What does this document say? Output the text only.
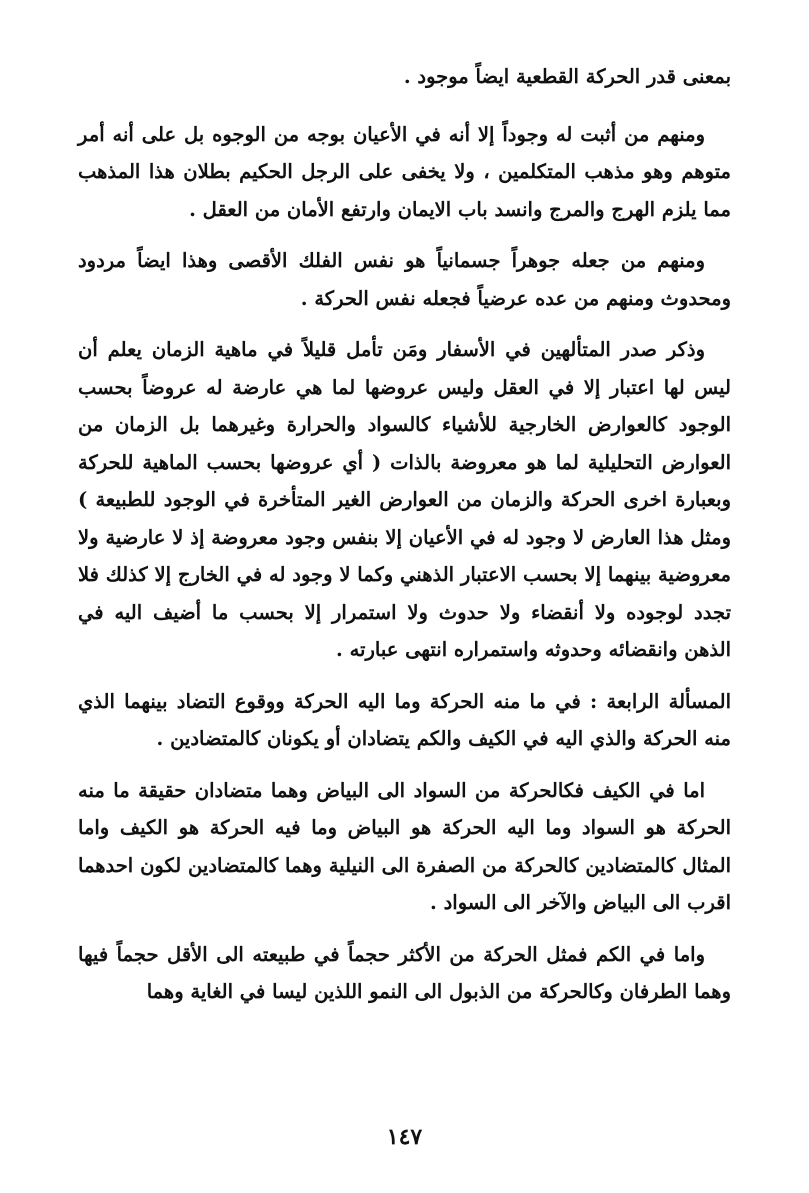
بمعنى قدر الحركة القطعية ايضاً موجود .

ومنهم من أثبت له وجوداً إلا أنه في الأعيان بوجه من الوجوه بل على أنه أمر متوهم وهو مذهب المتكلمين ، ولا يخفى على الرجل الحكيم بطلان هذا المذهب مما يلزم الهرج والمرج وانسد باب الايمان وارتفع الأمان من العقل .

ومنهم من جعله جوهراً جسمانياً هو نفس الفلك الأقصى وهذا ايضاً مردود ومحدوث ومنهم من عده عرضياً فجعله نفس الحركة .

وذكر صدر المتألهين في الأسفار ومَن تأمل قليلاً في ماهية الزمان يعلم أن ليس لها اعتبار إلا في العقل وليس عروضها لما هي عارضة له عروضاً بحسب الوجود كالعوارض الخارجية للأشياء كالسواد والحرارة وغيرهما بل الزمان من العوارض التحليلية لما هو معروضة بالذات ( أي عروضها بحسب الماهية للحركة وبعبارة اخرى الحركة والزمان من العوارض الغير المتأخرة في الوجود للطبيعة ) ومثل هذا العارض لا وجود له في الأعيان إلا بنفس وجود معروضة إذ لا عارضية ولا معروضية بينهما إلا بحسب الاعتبار الذهني وكما لا وجود له في الخارج إلا كذلك فلا تجدد لوجوده ولا أنقضاء ولا حدوث ولا استمرار إلا بحسب ما أضيف اليه في الذهن وانقضائه وحدوثه واستمراره انتهى عبارته .

المسألة الرابعة : في ما منه الحركة وما اليه الحركة ووقوع التضاد بينهما الذي منه الحركة والذي اليه في الكيف والكم يتضادان أو يكونان كالمتضادين .

اما في الكيف فكالحركة من السواد الى البياض وهما متضادان حقيقة ما منه الحركة هو السواد وما اليه الحركة هو البياض وما فيه الحركة هو الكيف واما المثال كالمتضادين كالحركة من الصفرة الى النيلية وهما كالمتضادين لكون احدهما اقرب الى البياض والآخر الى السواد .

واما في الكم فمثل الحركة من الأكثر حجماً في طبيعته الى الأقل حجماً فيها وهما الطرفان وكالحركة من الذبول الى النمو اللذين ليسا في الغاية وهما

١٤٧
